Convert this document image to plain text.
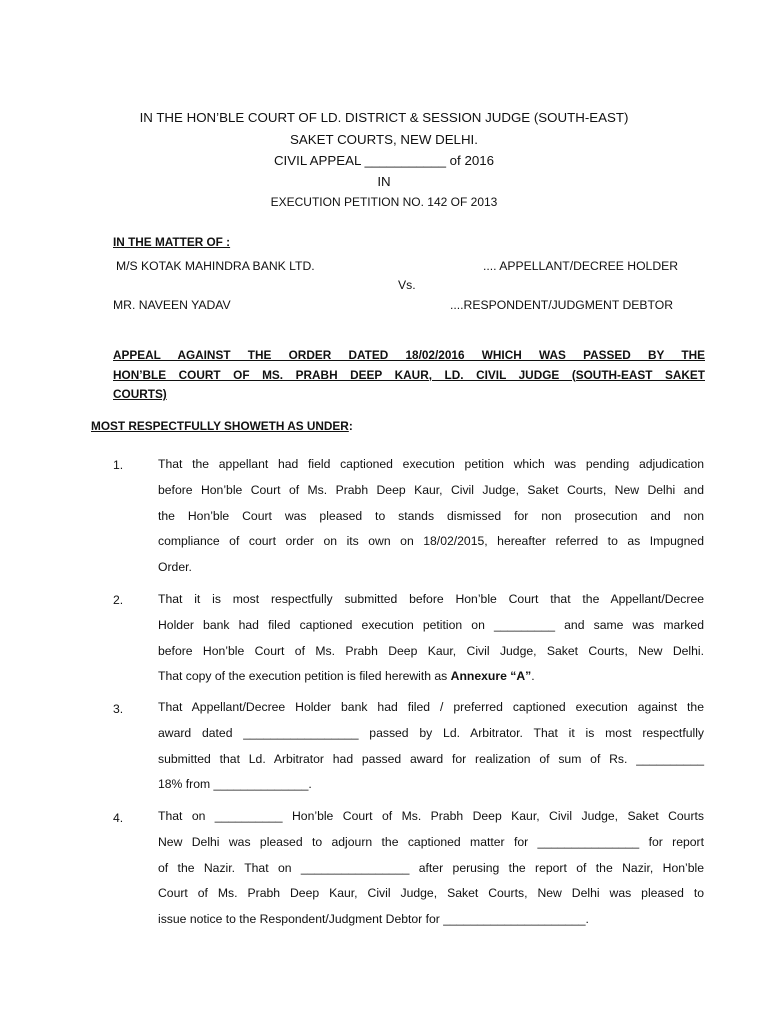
IN THE HON’BLE COURT OF LD. DISTRICT & SESSION JUDGE (SOUTH-EAST)
SAKET COURTS, NEW DELHI.
CIVIL APPEAL ___________ of 2016
IN
EXECUTION PETITION NO. 142 OF 2013
IN THE MATTER OF :
M/S KOTAK MAHINDRA BANK LTD.	.... APPELLANT/DECREE HOLDER
Vs.
MR. NAVEEN YADAV	....RESPONDENT/JUDGMENT DEBTOR
APPEAL AGAINST THE ORDER DATED 18/02/2016 WHICH WAS PASSED BY THE
HON’BLE COURT OF MS. PRABH DEEP KAUR, LD. CIVIL JUDGE (SOUTH-EAST SAKET
COURTS)
MOST RESPECTFULLY SHOWETH AS UNDER:
1.	That the appellant had field captioned execution petition which was pending adjudication
before Hon’ble Court of Ms. Prabh Deep Kaur, Civil Judge, Saket Courts, New Delhi and
the Hon’ble Court was pleased to stands dismissed for non prosecution and non
compliance of court order on its own on 18/02/2015, hereafter referred to as Impugned
Order.
2.	That it is most respectfully submitted before Hon’ble Court that the Appellant/Decree
Holder bank had filed captioned execution petition on _________ and same was marked
before Hon’ble Court of Ms. Prabh Deep Kaur, Civil Judge, Saket Courts, New Delhi.
That copy of the execution petition is filed herewith as Annexure “A”.
3.	That Appellant/Decree Holder bank had filed / preferred captioned execution against the
award dated _________________ passed by Ld. Arbitrator. That it is most respectfully
submitted that Ld. Arbitrator had passed award for realization of sum of Rs. __________
18% from ______________.
4.	That on __________ Hon’ble Court of Ms. Prabh Deep Kaur, Civil Judge, Saket Courts
New Delhi was pleased to adjourn the captioned matter for _______________ for report
of the Nazir. That on ________________ after perusing the report of the Nazir, Hon’ble
Court of Ms. Prabh Deep Kaur, Civil Judge, Saket Courts, New Delhi was pleased to
issue notice to the Respondent/Judgment Debtor for _____________________.
